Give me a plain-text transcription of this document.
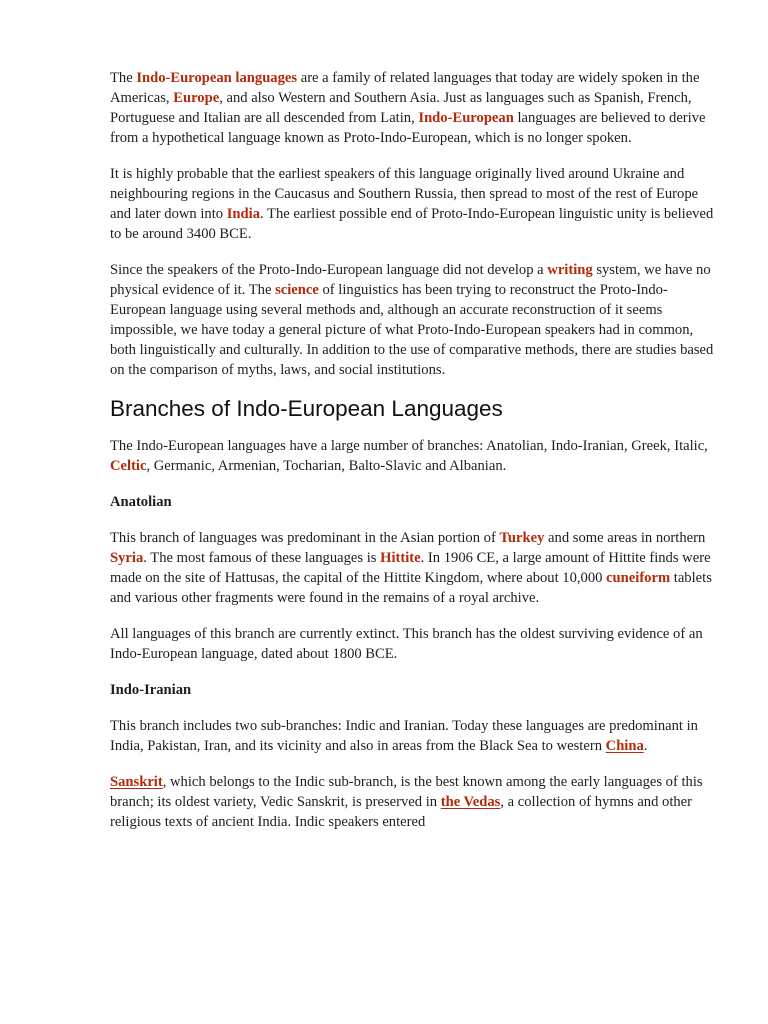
The Indo-European languages are a family of related languages that today are widely spoken in the Americas, Europe, and also Western and Southern Asia. Just as languages such as Spanish, French, Portuguese and Italian are all descended from Latin, Indo-European languages are believed to derive from a hypothetical language known as Proto-Indo-European, which is no longer spoken.

It is highly probable that the earliest speakers of this language originally lived around Ukraine and neighbouring regions in the Caucasus and Southern Russia, then spread to most of the rest of Europe and later down into India. The earliest possible end of Proto-Indo-European linguistic unity is believed to be around 3400 BCE.

Since the speakers of the Proto-Indo-European language did not develop a writing system, we have no physical evidence of it. The science of linguistics has been trying to reconstruct the Proto-Indo-European language using several methods and, although an accurate reconstruction of it seems impossible, we have today a general picture of what Proto-Indo-European speakers had in common, both linguistically and culturally. In addition to the use of comparative methods, there are studies based on the comparison of myths, laws, and social institutions.

Branches of Indo-European Languages

The Indo-European languages have a large number of branches: Anatolian, Indo-Iranian, Greek, Italic, Celtic, Germanic, Armenian, Tocharian, Balto-Slavic and Albanian.

Anatolian

This branch of languages was predominant in the Asian portion of Turkey and some areas in northern Syria. The most famous of these languages is Hittite. In 1906 CE, a large amount of Hittite finds were made on the site of Hattusas, the capital of the Hittite Kingdom, where about 10,000 cuneiform tablets and various other fragments were found in the remains of a royal archive.

All languages of this branch are currently extinct. This branch has the oldest surviving evidence of an Indo-European language, dated about 1800 BCE.

Indo-Iranian

This branch includes two sub-branches: Indic and Iranian. Today these languages are predominant in India, Pakistan, Iran, and its vicinity and also in areas from the Black Sea to western China.

Sanskrit, which belongs to the Indic sub-branch, is the best known among the early languages of this branch; its oldest variety, Vedic Sanskrit, is preserved in the Vedas, a collection of hymns and other religious texts of ancient India. Indic speakers entered
